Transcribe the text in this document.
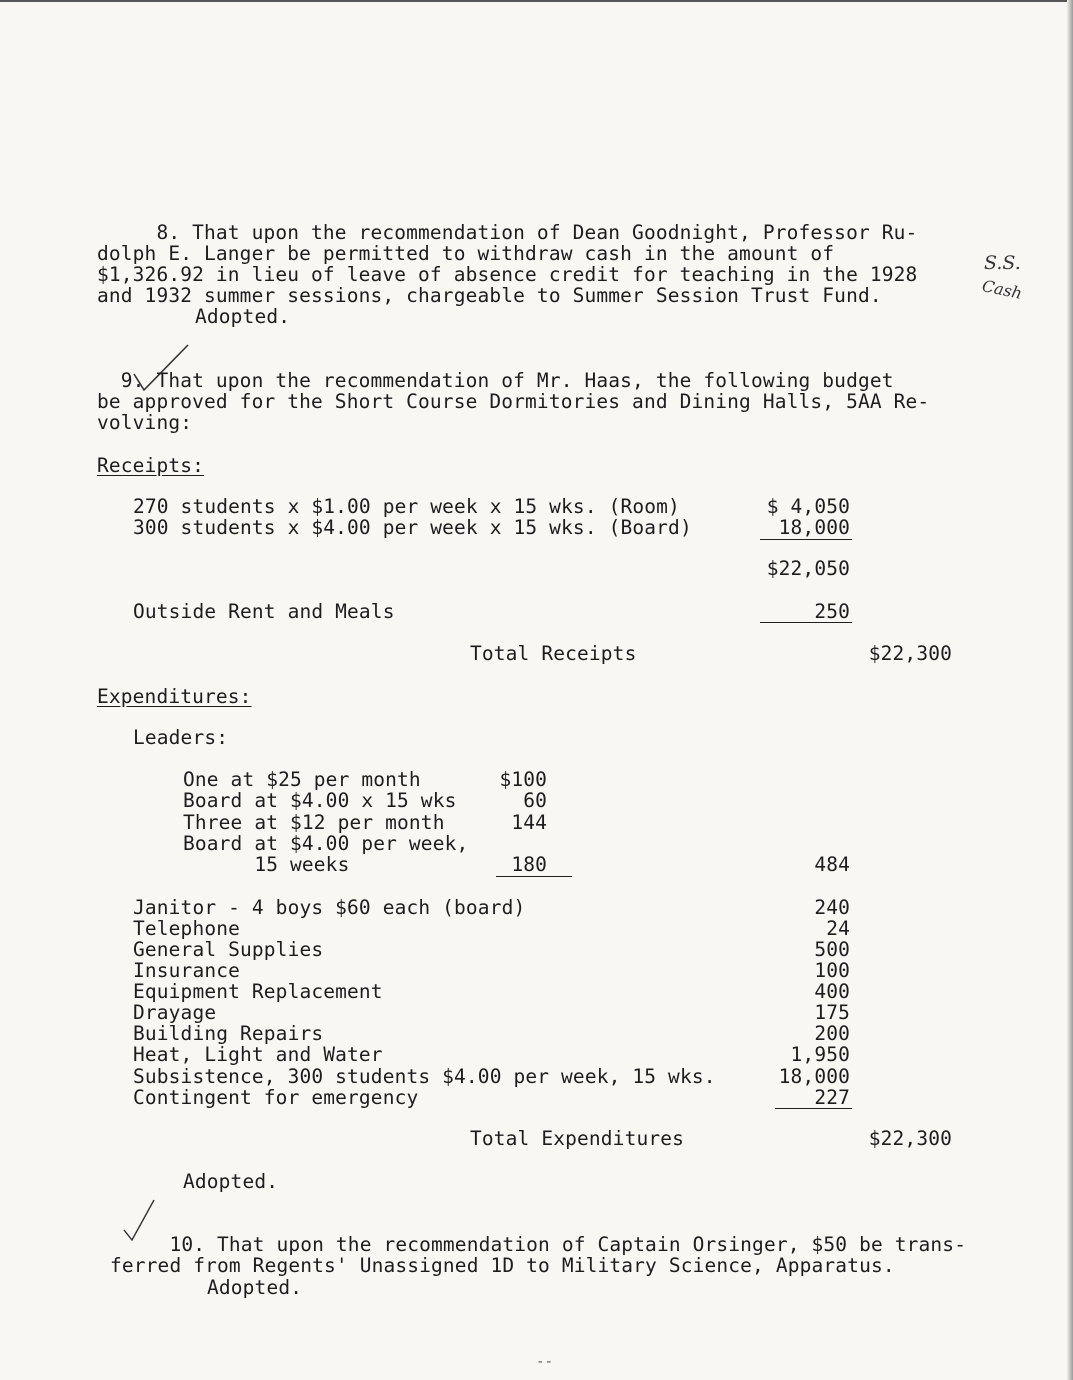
8. That upon the recommendation of Dean Goodnight, Professor Ru-
dolph E. Langer be permitted to withdraw cash in the amount of
$1,326.92 in lieu of leave of absence credit for teaching in the 1928
and 1932 summer sessions, chargeable to Summer Session Trust Fund.
Adopted.
S.S.
Cash
9. That upon the recommendation of Mr. Haas, the following budget
be approved for the Short Course Dormitories and Dining Halls, 5AA Re-
volving:
Receipts:
270 students x $1.00 per week x 15 wks. (Room)	$ 4,050
300 students x $4.00 per week x 15 wks. (Board)	18,000
$22,050
Outside Rent and Meals	250
Total Receipts	$22,300
Expenditures:
Leaders:
One at $25 per month	$100
Board at $4.00 x 15 wks	60
Three at $12 per month	144
Board at $4.00 per week,
15 weeks	180	484
Janitor - 4 boys $60 each (board)	240
Telephone	24
General Supplies	500
Insurance	100
Equipment Replacement	400
Drayage	175
Building Repairs	200
Heat, Light and Water	1,950
Subsistence, 300 students $4.00 per week, 15 wks.	18,000
Contingent for emergency	227
Total Expenditures	$22,300
Adopted.
10. That upon the recommendation of Captain Orsinger, $50 be trans-
ferred from Regents' Unassigned 1D to Military Science, Apparatus.
Adopted.
--
